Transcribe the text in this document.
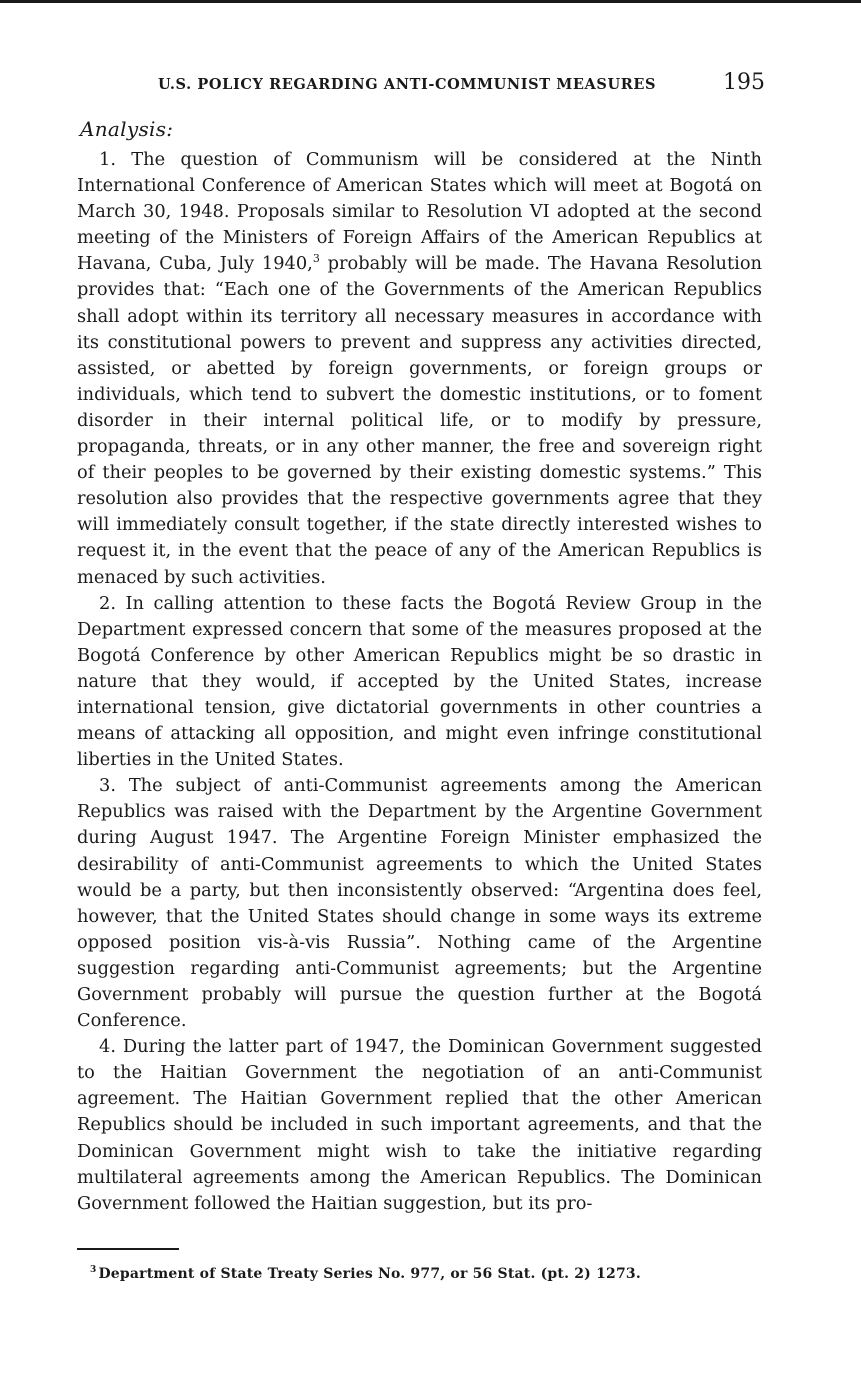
U.S. POLICY REGARDING ANTI-COMMUNIST MEASURES	195
Analysis:

1. The question of Communism will be considered at the Ninth International Conference of American States which will meet at Bogotá on March 30, 1948. Proposals similar to Resolution VI adopted at the second meeting of the Ministers of Foreign Affairs of the American Republics at Havana, Cuba, July 1940,$^3$ probably will be made. The Havana Resolution provides that: “Each one of the Governments of the American Republics shall adopt within its territory all necessary measures in accordance with its constitutional powers to prevent and suppress any activities directed, assisted, or abetted by foreign governments, or foreign groups or individuals, which tend to subvert the domestic institutions, or to foment disorder in their internal political life, or to modify by pressure, propaganda, threats, or in any other manner, the free and sovereign right of their peoples to be governed by their existing domestic systems.” This resolution also provides that the respective governments agree that they will immediately consult together, if the state directly interested wishes to request it, in the event that the peace of any of the American Republics is menaced by such activities.

2. In calling attention to these facts the Bogotá Review Group in the Department expressed concern that some of the measures proposed at the Bogotá Conference by other American Republics might be so drastic in nature that they would, if accepted by the United States, increase international tension, give dictatorial governments in other countries a means of attacking all opposition, and might even infringe constitutional liberties in the United States.

3. The subject of anti-Communist agreements among the American Republics was raised with the Department by the Argentine Government during August 1947. The Argentine Foreign Minister emphasized the desirability of anti-Communist agreements to which the United States would be a party, but then inconsistently observed: “Argentina does feel, however, that the United States should change in some ways its extreme opposed position vis-à-vis Russia”. Nothing came of the Argentine suggestion regarding anti-Communist agreements; but the Argentine Government probably will pursue the question further at the Bogotá Conference.

4. During the latter part of 1947, the Dominican Government suggested to the Haitian Government the negotiation of an anti-Communist agreement. The Haitian Government replied that the other American Republics should be included in such important agreements, and that the Dominican Government might wish to take the initiative regarding multilateral agreements among the American Republics. The Dominican Government followed the Haitian suggestion, but its pro-

$^3$ Department of State Treaty Series No. 977, or 56 Stat. (pt. 2) 1273.
